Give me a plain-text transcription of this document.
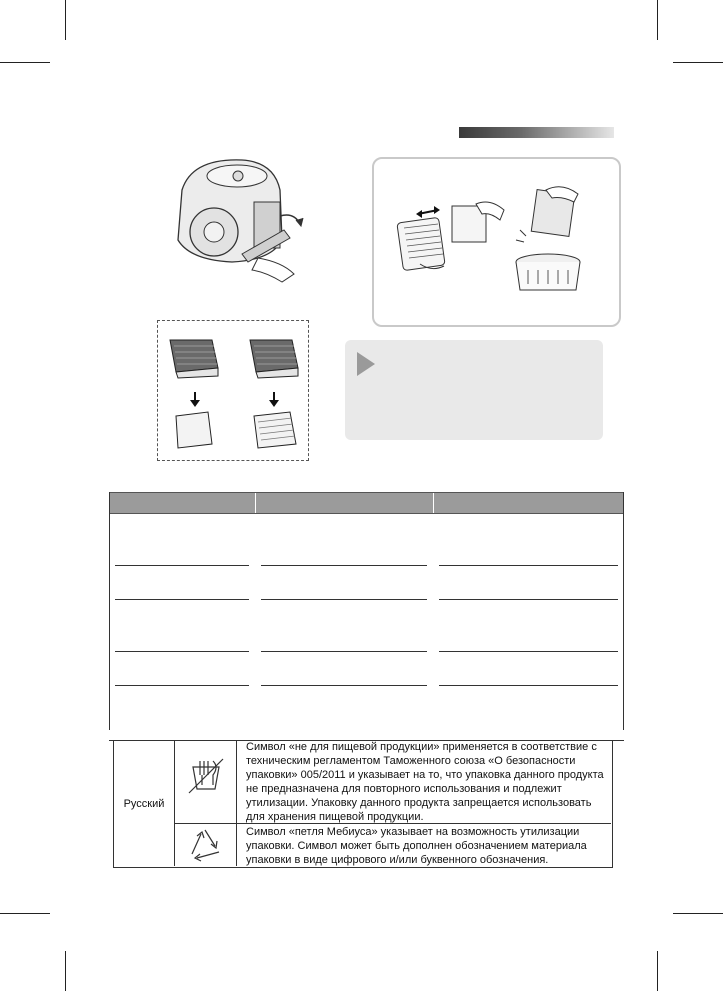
Русский
Символ «не для пищевой продукции» применяется в соответствие с техническим регламентом Таможенного союза «О безопасности упаковки» 005/2011 и указывает на то, что упаковка данного продукта не предназначена для повторного использования и подлежит утилизации. Упаковку данного продукта запрещается использовать для хранения пищевой продукции.
Символ «петля Мебиуса» указывает на возможность утилизации упаковки. Символ может быть дополнен обозначением материала упаковки в виде цифрового и/или буквенного обозначения.
